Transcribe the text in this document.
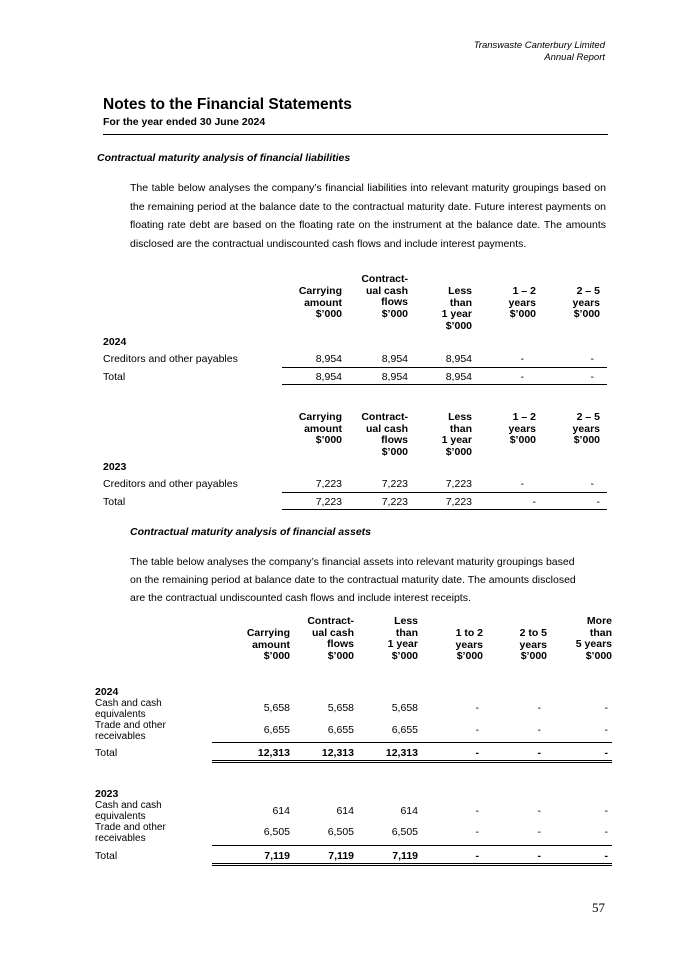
Transwaste Canterbury Limited
Annual Report
Notes to the Financial Statements
For the year ended 30 June 2024
Contractual maturity analysis of financial liabilities
The table below analyses the company’s financial liabilities into relevant maturity groupings based on the remaining period at the balance date to the contractual maturity date. Future interest payments on floating rate debt are based on the floating rate on the instrument at the balance date. The amounts disclosed are the contractual undiscounted cash flows and include interest payments.
Carrying
amount
$’000
Contract-
ual cash
flows
$’000
Less
than
1 year
$’000
1 – 2
years
$’000
2 – 5
years
$’000
2024
Creditors and other payables	8,954	8,954	8,954	-	-
Total	8,954	8,954	8,954	-	-
Carrying
amount
$’000
Contract-
ual cash
flows
$’000
Less
than
1 year
$’000
1 – 2
years
$’000
2 – 5
years
$’000
2023
Creditors and other payables	7,223	7,223	7,223	-	-
Total	7,223	7,223	7,223	-	-
Contractual maturity analysis of financial assets
The table below analyses the company’s financial assets into relevant maturity groupings based
on the remaining period at balance date to the contractual maturity date. The amounts disclosed
are the contractual undiscounted cash flows and include interest receipts.
Carrying
amount
$’000
Contract-
ual cash
flows
$’000
Less
than
1 year
$’000
1 to 2
years
$’000
2 to 5
years
$’000
More
than
5 years
$’000
2024
Cash and cash
equivalents
5,658	5,658	5,658	-	-	-
Trade and other
receivables
6,655	6,655	6,655	-	-	-
Total	12,313	12,313	12,313	-	-	-
2023
Cash and cash
equivalents	614	614	614	-	-	-
Trade and other
receivables
6,505	6,505	6,505	-	-	-
Total	7,119	7,119	7,119	-	-	-
57
